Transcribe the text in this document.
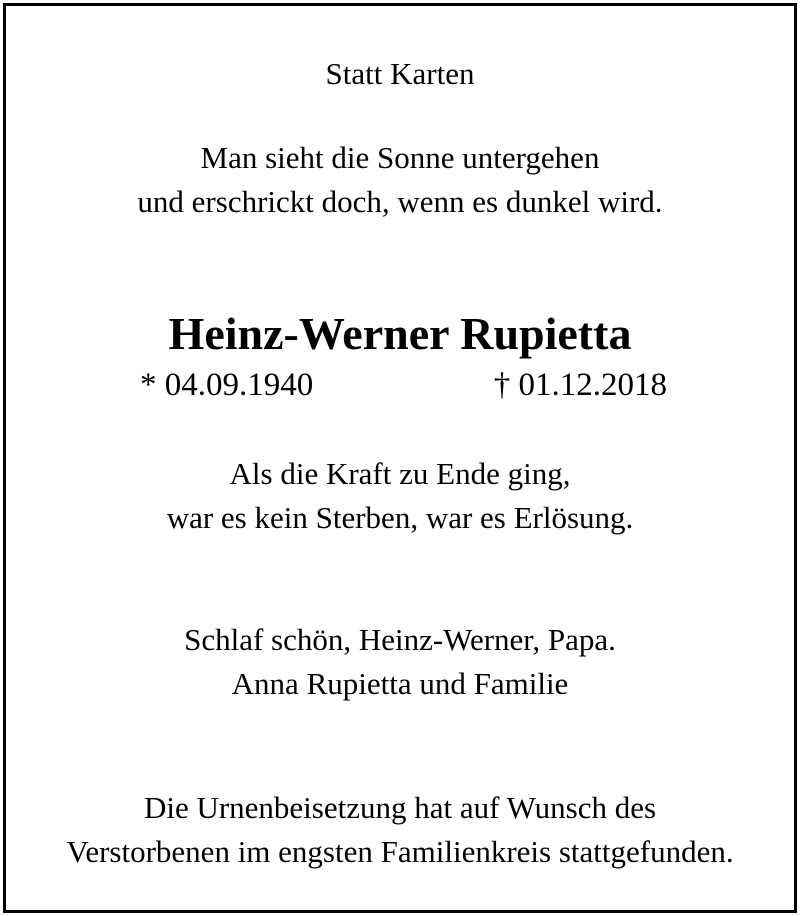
Statt Karten
Man sieht die Sonne untergehen
und erschrickt doch, wenn es dunkel wird.
Heinz-Werner Rupietta
* 04.09.1940	† 01.12.2018
Als die Kraft zu Ende ging,
war es kein Sterben, war es Erlösung.
Schlaf schön, Heinz-Werner, Papa.
Anna Rupietta und Familie
Die Urnenbeisetzung hat auf Wunsch des
Verstorbenen im engsten Familienkreis stattgefunden.
